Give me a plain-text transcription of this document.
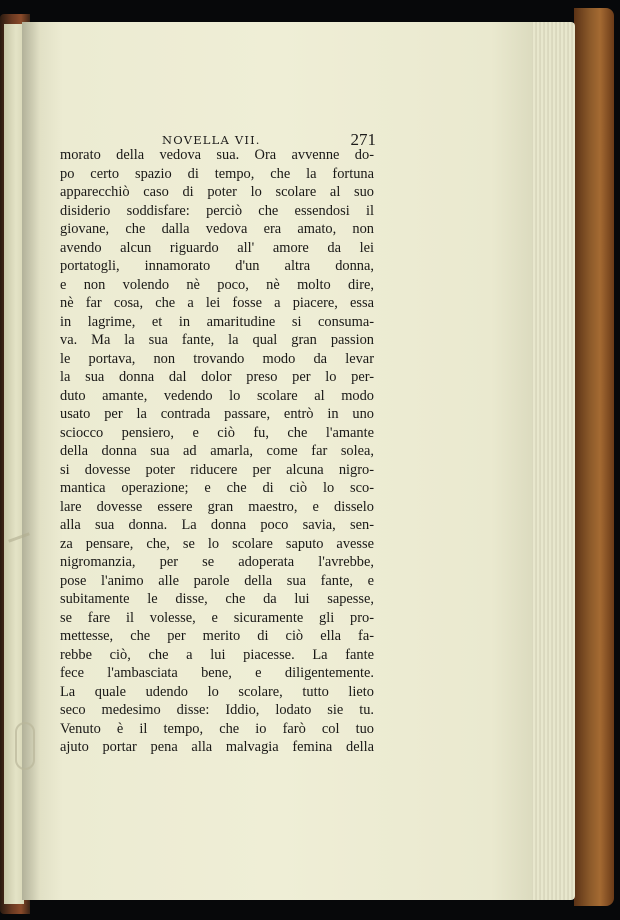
NOVELLA VII.	271
morato della vedova sua. Ora avvenne do-
po certo spazio di tempo, che la fortuna
apparecchiò caso di poter lo scolare al suo
disiderio soddisfare: perciò che essendosi il
giovane, che dalla vedova era amato, non
avendo alcun riguardo all' amore da lei
portatogli, innamorato d'un altra donna,
e non volendo nè poco, nè molto dire,
nè far cosa, che a lei fosse a piacere, essa
in lagrime, et in amaritudine si consuma-
va. Ma la sua fante, la qual gran passion
le portava, non trovando modo da levar
la sua donna dal dolor preso per lo per-
duto amante, vedendo lo scolare al modo
usato per la contrada passare, entrò in uno
sciocco pensiero, e ciò fu, che l'amante
della donna sua ad amarla, come far solea,
si dovesse poter riducere per alcuna nigro-
mantica operazione; e che di ciò lo sco-
lare dovesse essere gran maestro, e disselo
alla sua donna. La donna poco savia, sen-
za pensare, che, se lo scolare saputo avesse
nigromanzia, per se adoperata l'avrebbe,
pose l'animo alle parole della sua fante, e
subitamente le disse, che da lui sapesse,
se fare il volesse, e sicuramente gli pro-
mettesse, che per merito di ciò ella fa-
rebbe ciò, che a lui piacesse. La fante
fece l'ambasciata bene, e diligentemente.
La quale udendo lo scolare, tutto lieto
seco medesimo disse: Iddio, lodato sie tu.
Venuto è il tempo, che io farò col tuo
ajuto portar pena alla malvagia femina della
